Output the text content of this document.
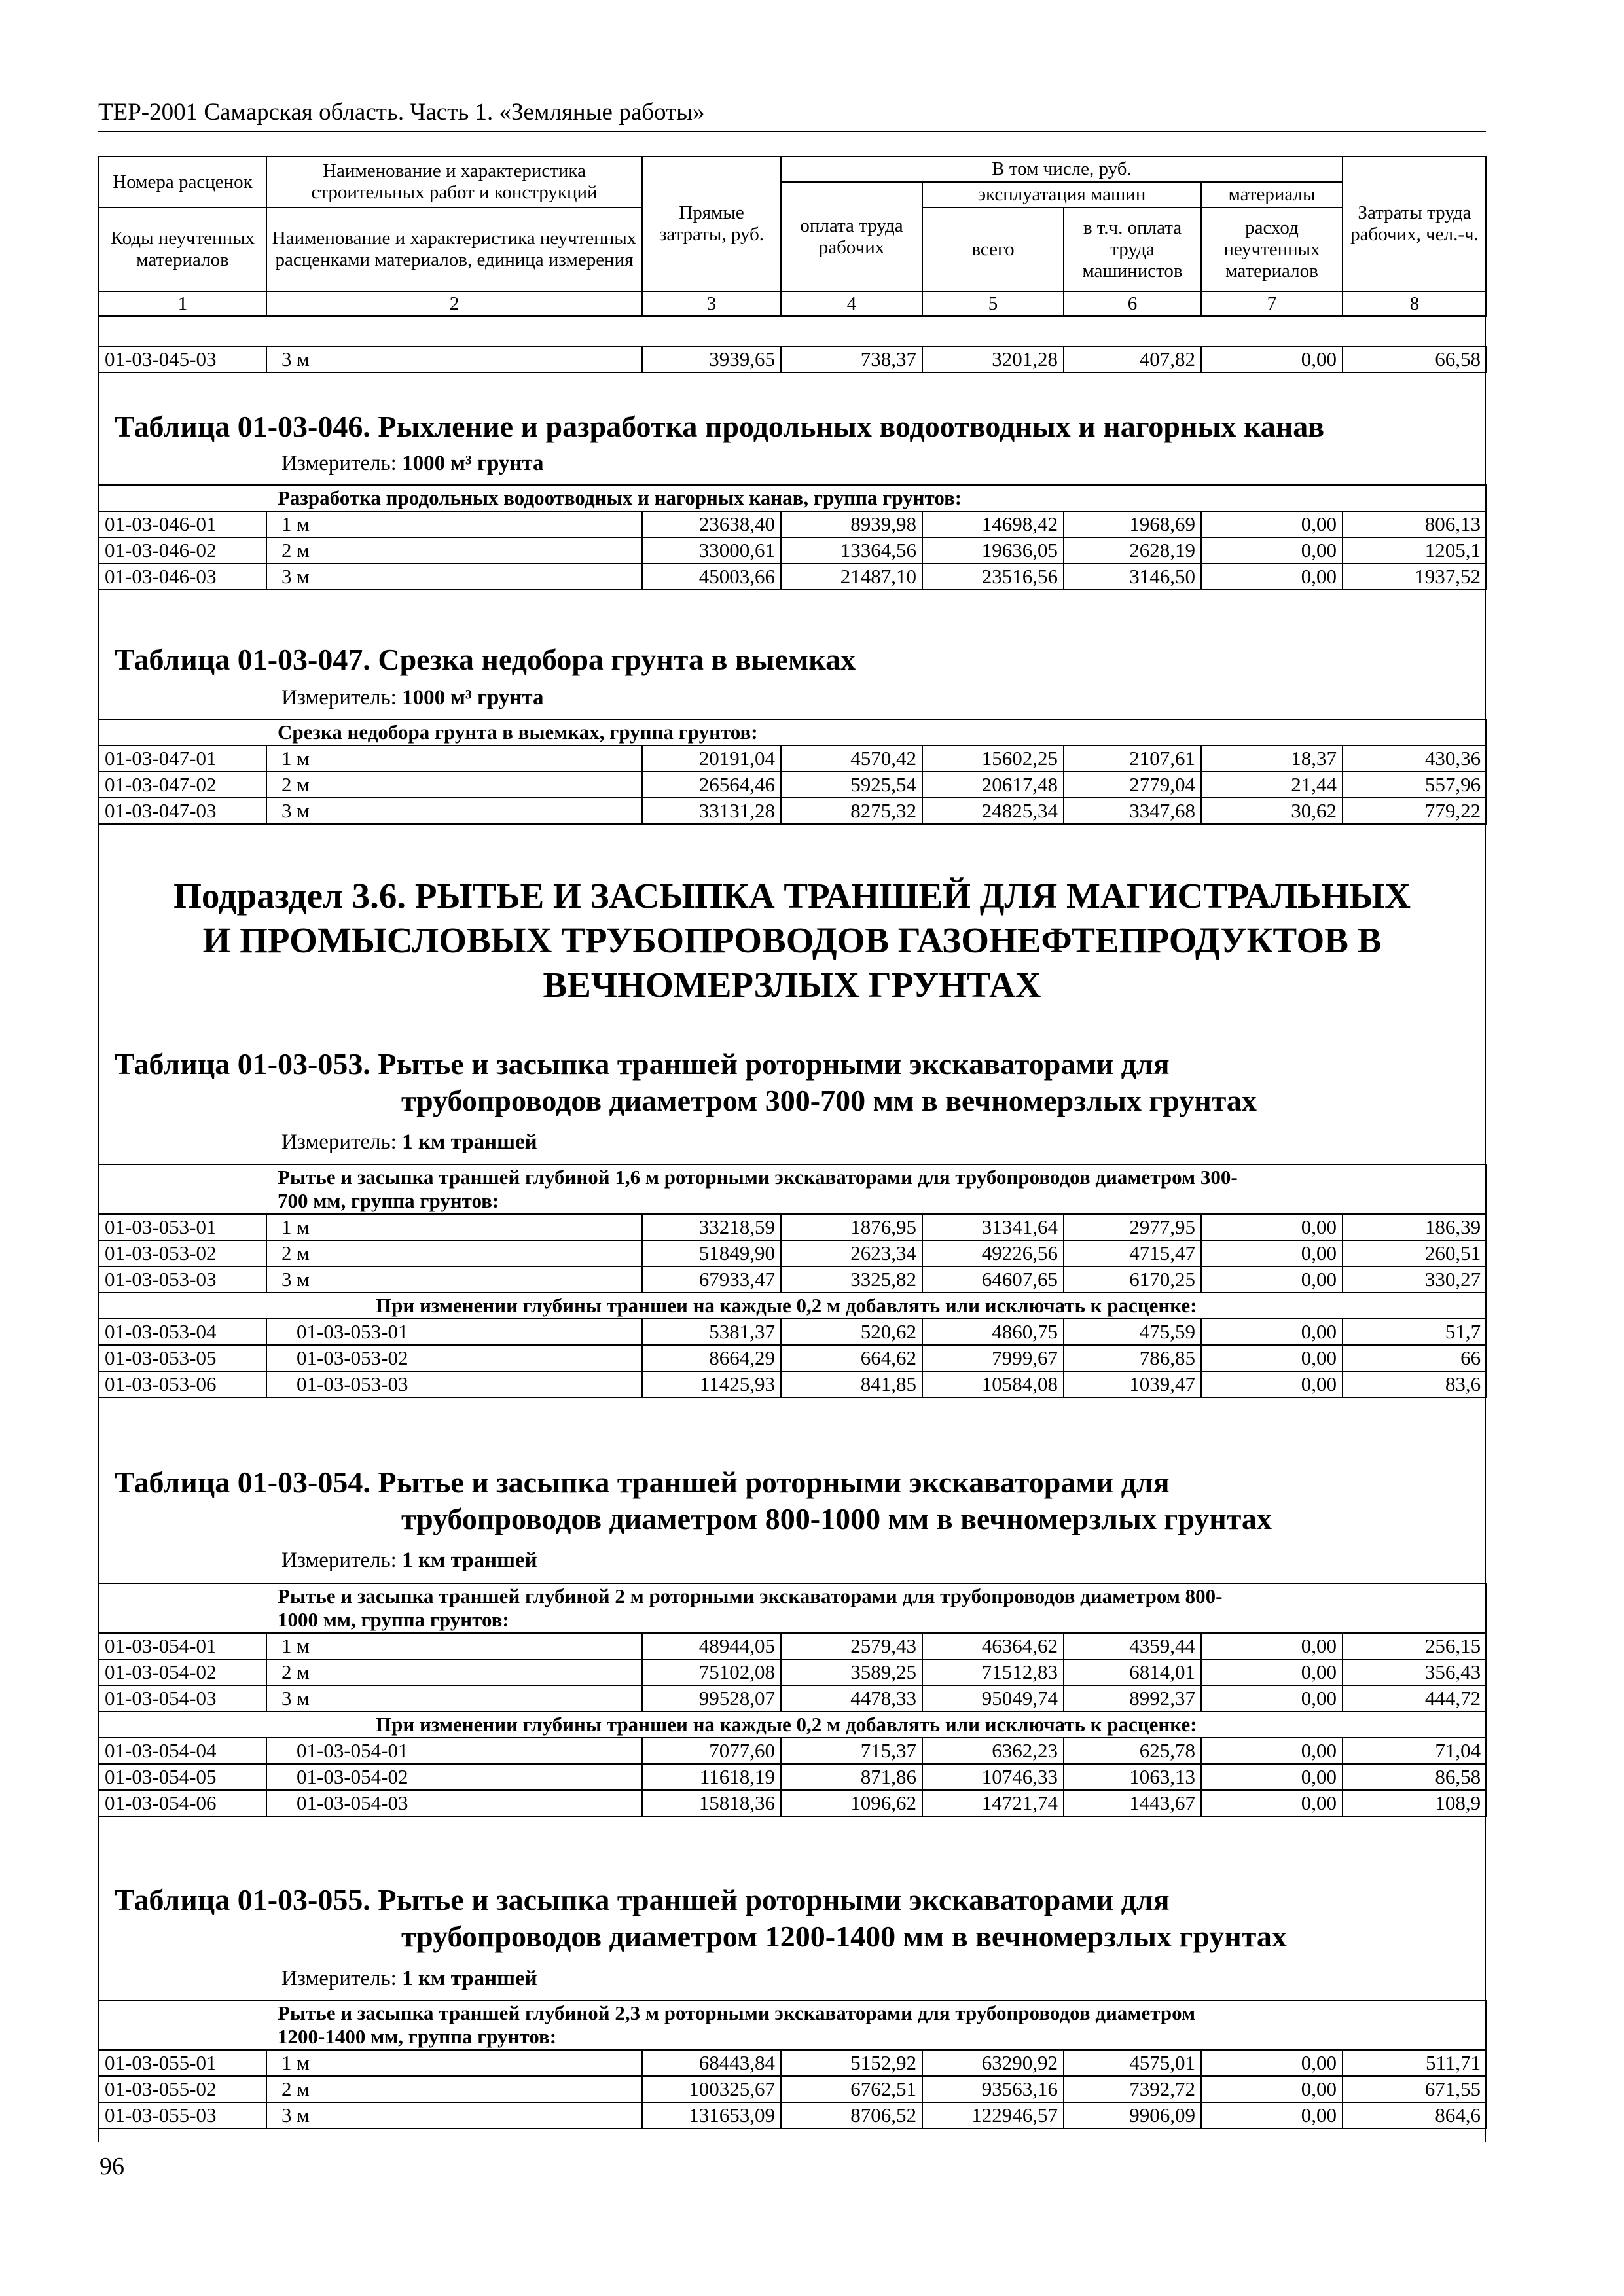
ТЕР-2001 Самарская область. Часть 1. «Земляные работы»
Номера расценок	Наименование и характеристика строительных работ и конструкций	Прямые затраты, руб.	В том числе, руб.				Затраты труда рабочих, чел.-ч.
			оплата труда рабочих	эксплуатация машин		материалы	
Коды неучтенных материалов	Наименование и характеристика неучтенных расценками материалов, единица измерения			всего	в т.ч. оплата труда машинистов	расход неучтенных материалов	

1	2	3	4	5	6	7	8
01-03-045-03	3 м	3939,65	738,37	3201,28	407,82	0,00	66,58
Таблица 01-03-046. Рыхление и разработка продольных водоотводных и нагорных канав
Измеритель: 1000 м³ грунта
Разработка продольных водоотводных и нагорных канав, группа грунтов:							
01-03-046-01	1 м	23638,40	8939,98	14698,42	1968,69	0,00	806,13
01-03-046-02	2 м	33000,61	13364,56	19636,05	2628,19	0,00	1205,1
01-03-046-03	3 м	45003,66	21487,10	23516,56	3146,50	0,00	1937,52
Таблица 01-03-047. Срезка недобора грунта в выемках
Измеритель: 1000 м³ грунта
Срезка недобора грунта в выемках, группа грунтов:							
01-03-047-01	1 м	20191,04	4570,42	15602,25	2107,61	18,37	430,36
01-03-047-02	2 м	26564,46	5925,54	20617,48	2779,04	21,44	557,96
01-03-047-03	3 м	33131,28	8275,32	24825,34	3347,68	30,62	779,22
Подраздел 3.6. РЫТЬЕ И ЗАСЫПКА ТРАНШЕЙ ДЛЯ МАГИСТРАЛЬНЫХ
И ПРОМЫСЛОВЫХ ТРУБОПРОВОДОВ ГАЗОНЕФТЕПРОДУКТОВ В
ВЕЧНОМЕРЗЛЫХ ГРУНТАХ
Таблица 01-03-053. Рытье и засыпка траншей роторными экскаваторами для
трубопроводов диаметром 300-700 мм в вечномерзлых грунтах
Измеритель: 1 км траншей
Рытье и засыпка траншей глубиной 1,6 м роторными экскаваторами для трубопроводов диаметром 300-
700 мм, группа грунтов:							
01-03-053-01	1 м	33218,59	1876,95	31341,64	2977,95	0,00	186,39
01-03-053-02	2 м	51849,90	2623,34	49226,56	4715,47	0,00	260,51
01-03-053-03	3 м	67933,47	3325,82	64607,65	6170,25	0,00	330,27
При изменении глубины траншеи на каждые 0,2 м добавлять или исключать к расценке:							
01-03-053-04	01-03-053-01	5381,37	520,62	4860,75	475,59	0,00	51,7
01-03-053-05	01-03-053-02	8664,29	664,62	7999,67	786,85	0,00	66
01-03-053-06	01-03-053-03	11425,93	841,85	10584,08	1039,47	0,00	83,6
Таблица 01-03-054. Рытье и засыпка траншей роторными экскаваторами для
трубопроводов диаметром 800-1000 мм в вечномерзлых грунтах
Измеритель: 1 км траншей
Рытье и засыпка траншей глубиной 2 м роторными экскаваторами для трубопроводов диаметром 800-
1000 мм, группа грунтов:							
01-03-054-01	1 м	48944,05	2579,43	46364,62	4359,44	0,00	256,15
01-03-054-02	2 м	75102,08	3589,25	71512,83	6814,01	0,00	356,43
01-03-054-03	3 м	99528,07	4478,33	95049,74	8992,37	0,00	444,72
При изменении глубины траншеи на каждые 0,2 м добавлять или исключать к расценке:							
01-03-054-04	01-03-054-01	7077,60	715,37	6362,23	625,78	0,00	71,04
01-03-054-05	01-03-054-02	11618,19	871,86	10746,33	1063,13	0,00	86,58
01-03-054-06	01-03-054-03	15818,36	1096,62	14721,74	1443,67	0,00	108,9
Таблица 01-03-055. Рытье и засыпка траншей роторными экскаваторами для
трубопроводов диаметром 1200-1400 мм в вечномерзлых грунтах
Измеритель: 1 км траншей
Рытье и засыпка траншей глубиной 2,3 м роторными экскаваторами для трубопроводов диаметром
1200-1400 мм, группа грунтов:							
01-03-055-01	1 м	68443,84	5152,92	63290,92	4575,01	0,00	511,71
01-03-055-02	2 м	100325,67	6762,51	93563,16	7392,72	0,00	671,55
01-03-055-03	3 м	131653,09	8706,52	122946,57	9906,09	0,00	864,6
96
